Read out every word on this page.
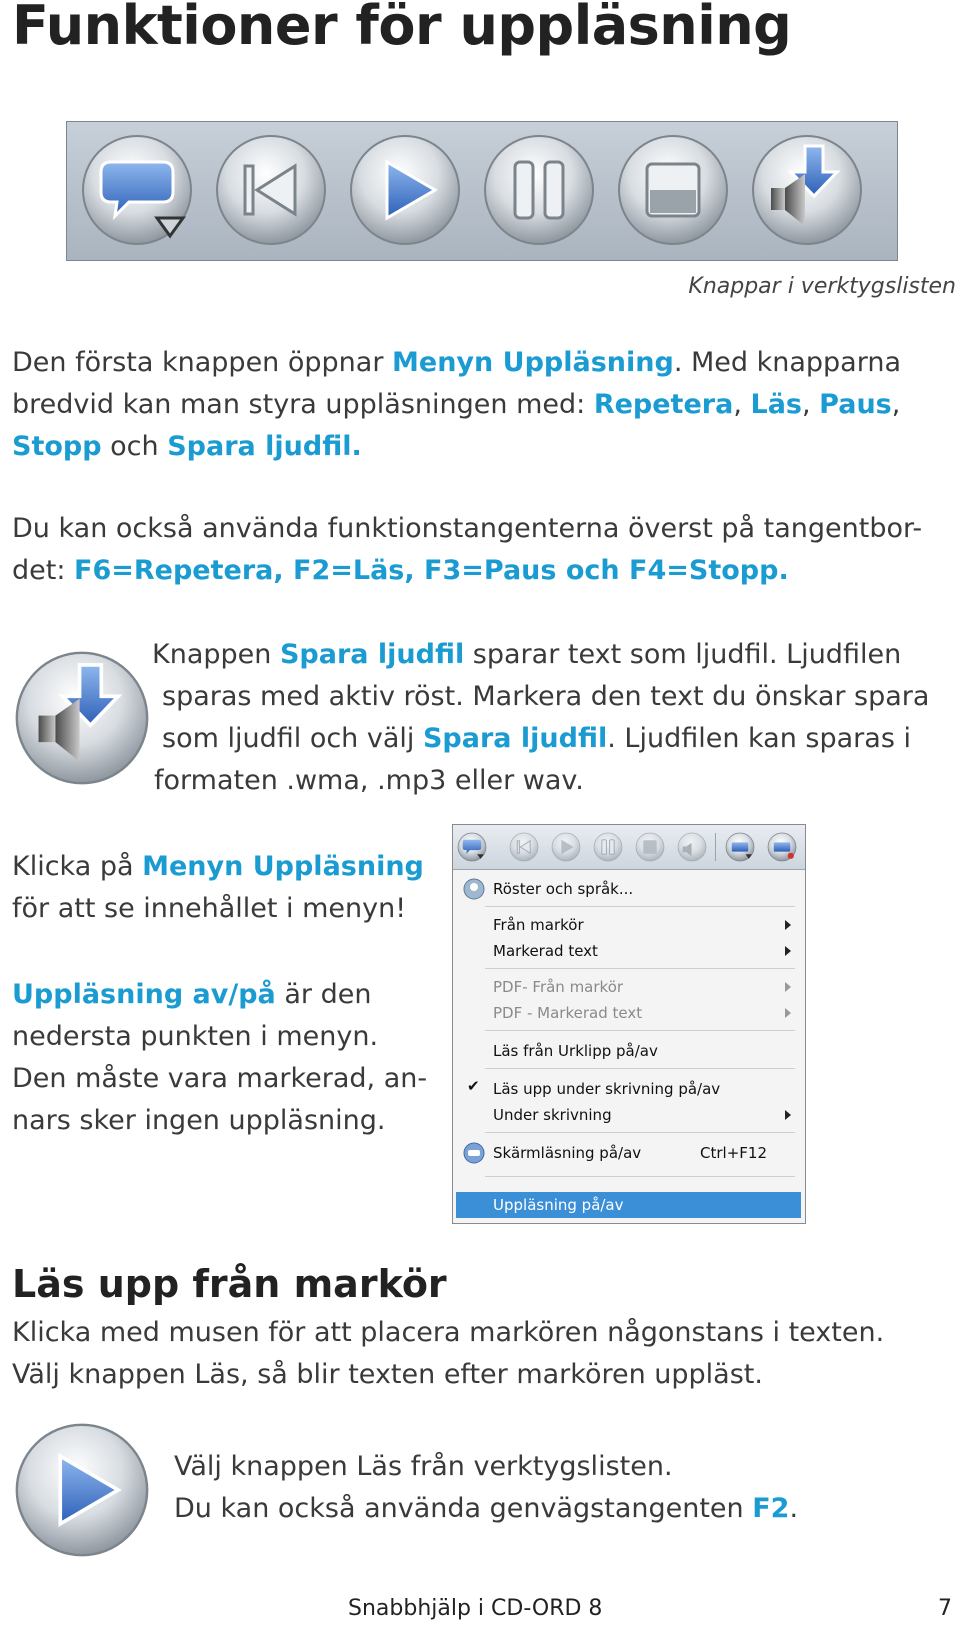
Funktioner för uppläsning
Knappar i verktygslisten
Den första knappen öppnar Menyn Uppläsning. Med knapparna
bredvid kan man styra uppläsningen med: Repetera, Läs, Paus,
Stopp och Spara ljudfil.
Du kan också använda funktionstangenterna överst på tangentbor-
det: F6=Repetera, F2=Läs, F3=Paus och F4=Stopp.
Knappen Spara ljudfil sparar text som ljudfil. Ljudfilen
sparas med aktiv röst. Markera den text du önskar spara
som ljudfil och välj Spara ljudfil. Ljudfilen kan sparas i
formaten .wma, .mp3 eller wav.
Klicka på Menyn Uppläsning
för att se innehållet i menyn!
Uppläsning av/på är den
nedersta punkten i menyn.
Den måste vara markerad, an-
nars sker ingen uppläsning.
Röster och språk...
Från markör
Markerad text
PDF- Från markör
PDF - Markerad text
Läs från Urklipp på/av
✔ Läs upp under skrivning på/av
Under skrivning
Skärmläsning på/av	Ctrl+F12
Uppläsning på/av
Läs upp från markör
Klicka med musen för att placera markören någonstans i texten.
Välj knappen Läs, så blir texten efter markören uppläst.
Välj knappen Läs från verktygslisten.
Du kan också använda genvägstangenten F2.
Snabbhjälp i CD-ORD 8	7
